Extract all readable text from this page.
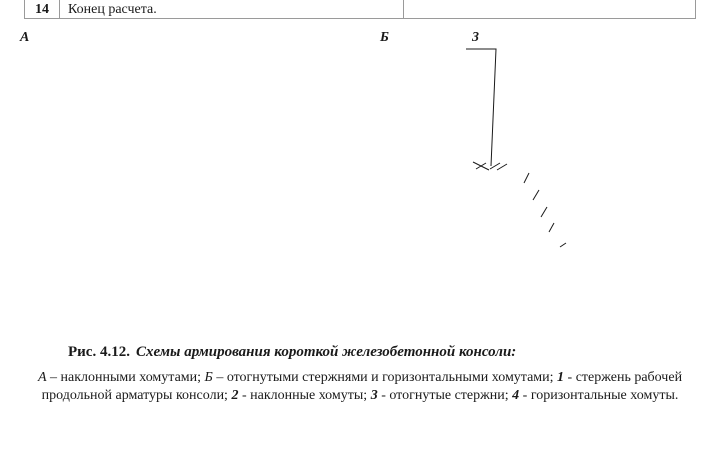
14	Конец расчета.
А	Б	3
Рис. 4.12. Схемы армирования короткой железобетонной консоли:
А – наклонными хомутами; Б – отогнутыми стержнями и горизонтальными хомутами; 1 - стержень рабочей продольной арматуры консоли; 2 - наклонные хомуты; 3 - отогнутые стержни; 4 - горизонтальные хомуты.
